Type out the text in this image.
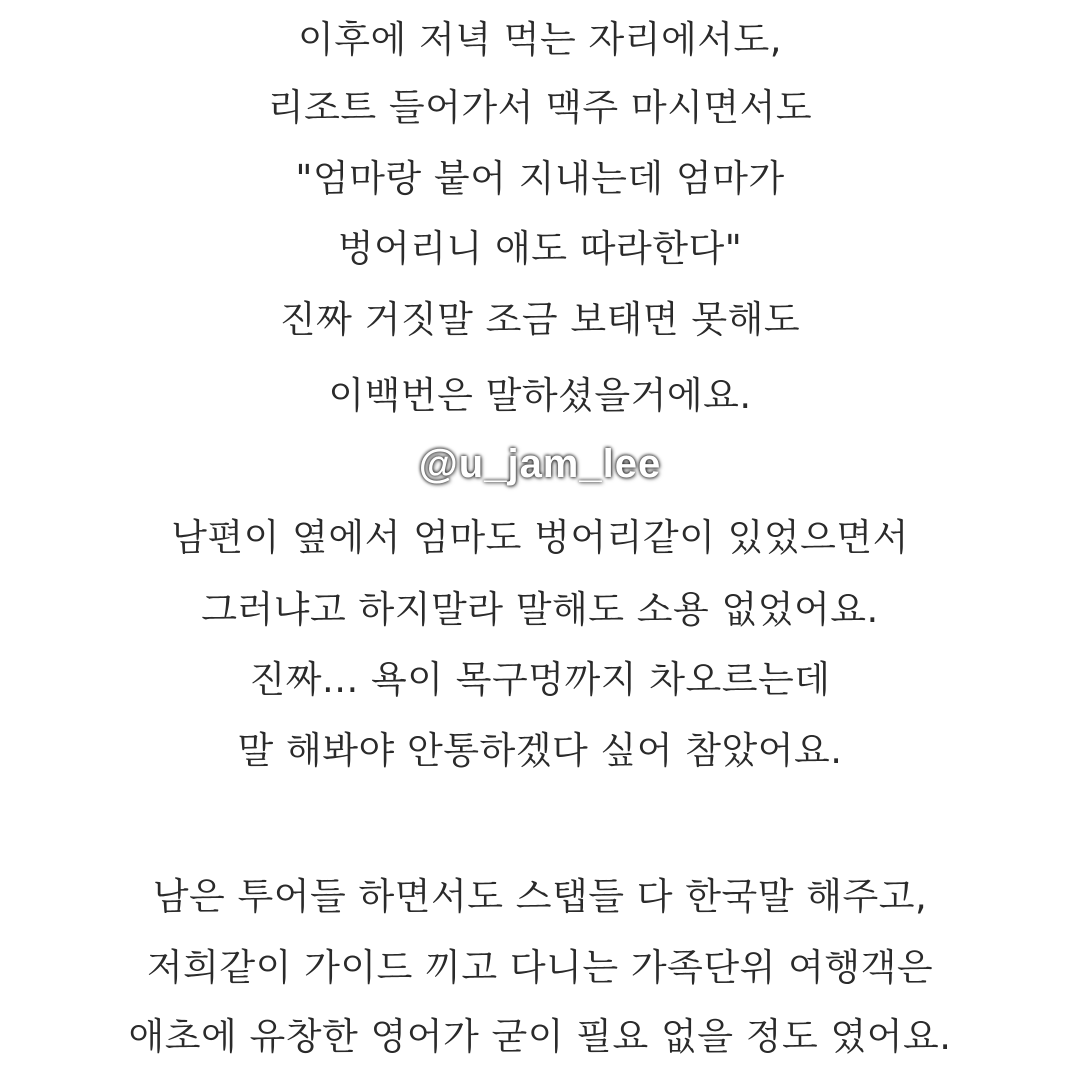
이후에 저녁 먹는 자리에서도,
리조트 들어가서 맥주 마시면서도
"엄마랑 붙어 지내는데 엄마가
벙어리니 애도 따라한다"
진짜 거짓말 조금 보태면 못해도
이백번은 말하셨을거에요.
@u_jam_lee
남편이 옆에서 엄마도 벙어리같이 있었으면서
그러냐고 하지말라 말해도 소용 없었어요.
진짜... 욕이 목구멍까지 차오르는데
말 해봐야 안통하겠다 싶어 참았어요.
남은 투어들 하면서도 스탭들 다 한국말 해주고,
저희같이 가이드 끼고 다니는 가족단위 여행객은
애초에 유창한 영어가 굳이 필요 없을 정도 였어요.
